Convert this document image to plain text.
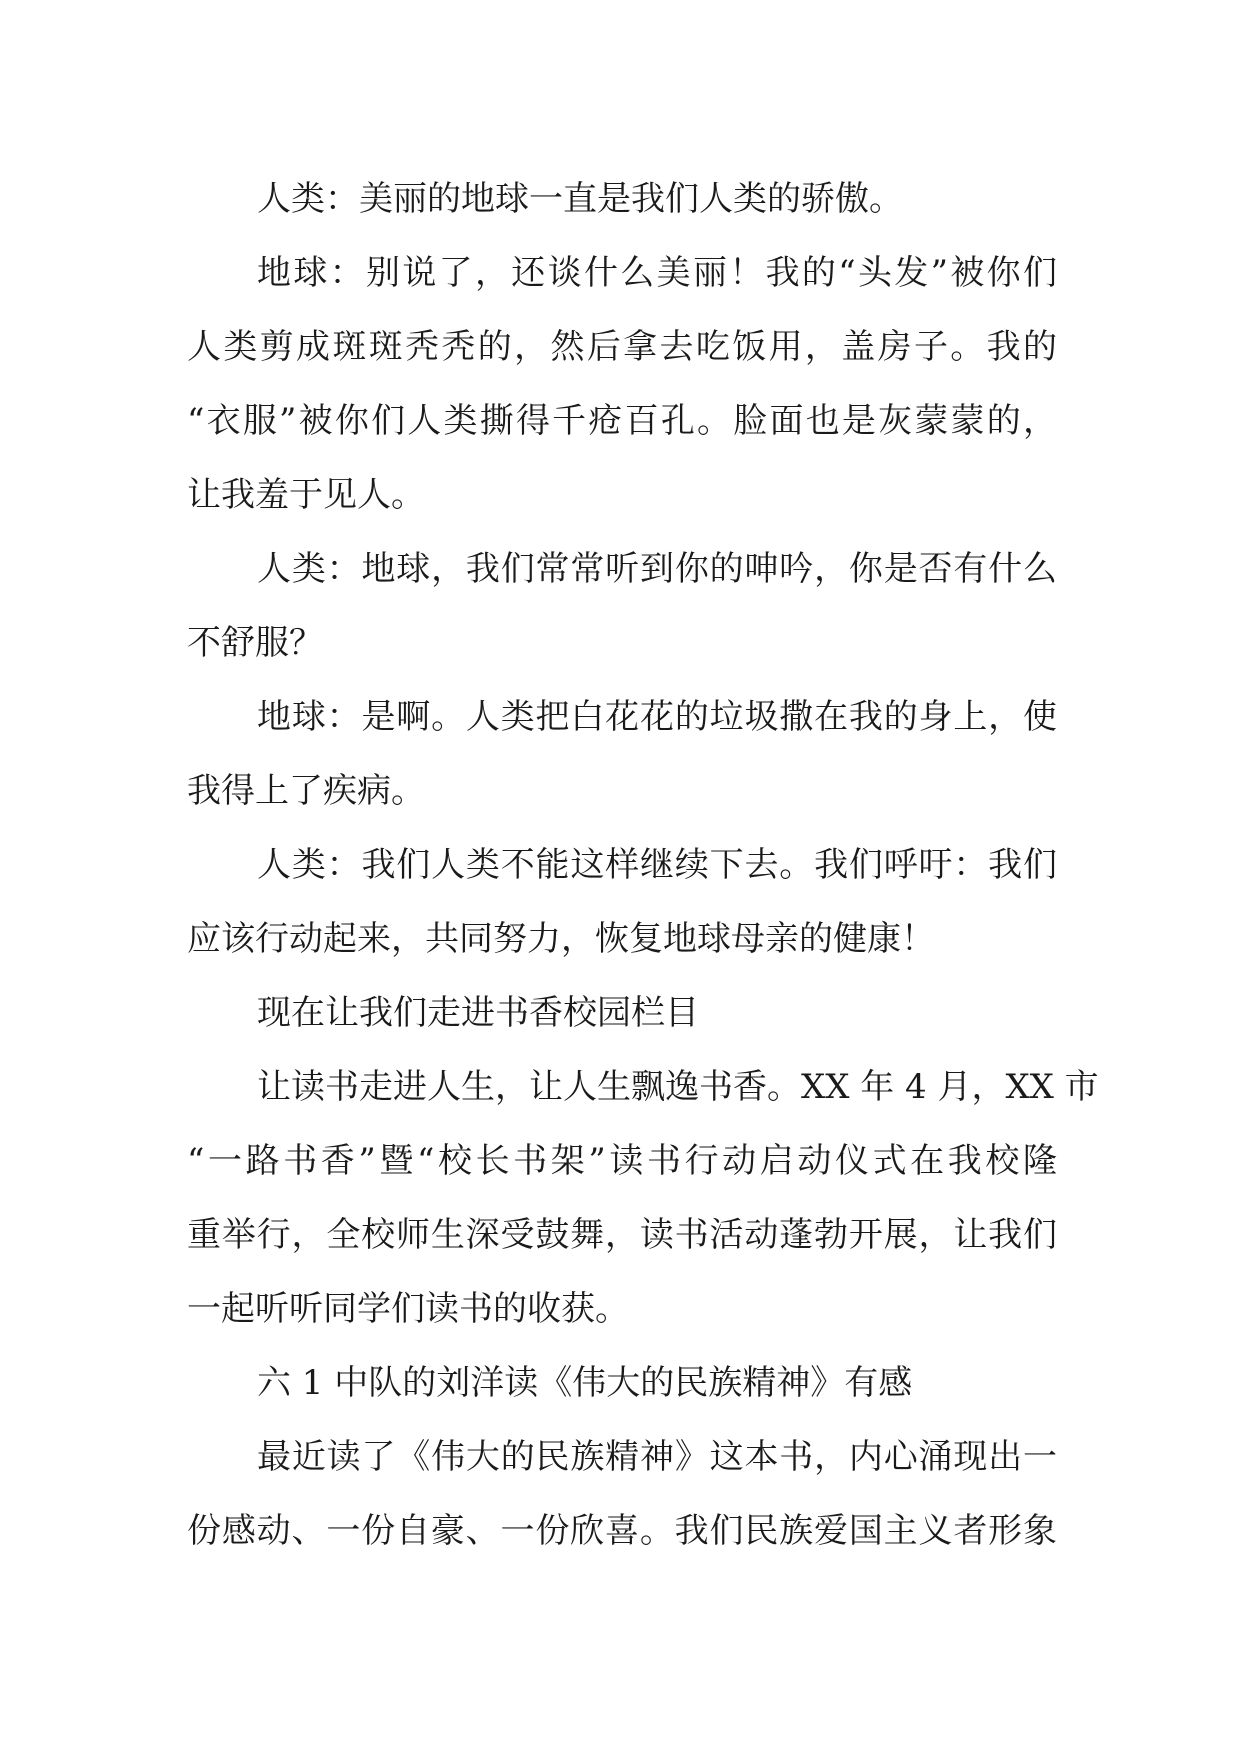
人类：美丽的地球一直是我们人类的骄傲。
地球：别说了，还谈什么美丽！我的“头发”被你们
人类剪成斑斑秃秃的，然后拿去吃饭用，盖房子。我的
“衣服”被你们人类撕得千疮百孔。脸面也是灰蒙蒙的，
让我羞于见人。
人类：地球，我们常常听到你的呻吟，你是否有什么
不舒服？
地球：是啊。人类把白花花的垃圾撒在我的身上，使
我得上了疾病。
人类：我们人类不能这样继续下去。我们呼吁：我们
应该行动起来，共同努力，恢复地球母亲的健康！
现在让我们走进书香校园栏目
让读书走进人生，让人生飘逸书香。XX 年 4 月，XX 市
“一路书香”暨“校长书架”读书行动启动仪式在我校隆
重举行，全校师生深受鼓舞，读书活动蓬勃开展，让我们
一起听听同学们读书的收获。
六 1 中队的刘洋读《伟大的民族精神》有感
最近读了《伟大的民族精神》这本书，内心涌现出一
份感动、一份自豪、一份欣喜。我们民族爱国主义者形象
